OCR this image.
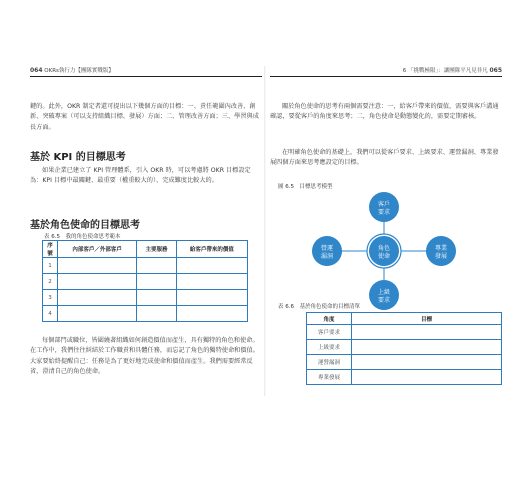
064 OKRs執行力【團隊實戰版】

鍵的。此外，OKR 制定者還可提出以下幾個方面的目標：一、責任範圍內改善、創新、突破專案（可以支持組織目標、發展）方面；二、管理改善方面；三、學習與成長方面。

基於 KPI 的目標思考

如果企業已建立了 KPI 管理體系，引入 OKR 時，可以考慮將 OKR 目標設定為：KPI 目標中最關鍵、最重要（權重較大的）、完成難度比較大的。

基於角色使命的目標思考

表 6.5　我的角色使命思考範本
序號	內部客戶／外部客戶	主要服務	給客戶帶來的價值
1			
2			
3			
4			

每個部門或職位，皆圍繞著組織如何創造價值而產生，具有獨特的角色和使命。在工作中，我們往往糾結於工作職責和具體任務，而忘記了角色的獨特使命和價值。大家要始終提醒自己：任務是為了更好地完成使命和價值而產生。我們需要經常反省，澄清自己的角色使命。

6 「挑戰極限」：讓團隊平凡見非凡 065

關於角色使命的思考有兩個需要注意：一，給客戶帶來的價值，需要與客戶溝通確認，要從客戶的角度來思考；二，角色使命是動態變化的，需要定期審核。

在明確角色使命的基礎上，我們可以從客戶要求、上級要求、運營漏洞、專業發展四個方面來思考應設定的目標。

圖 6.5　目標思考模型
客戶要求
營運漏洞
專業發展
上級要求
角色使命
表 6.6　基於角色使命的目標清單
角度	目標
客戶要求	
上級要求	
運營漏洞	
專業發展	
